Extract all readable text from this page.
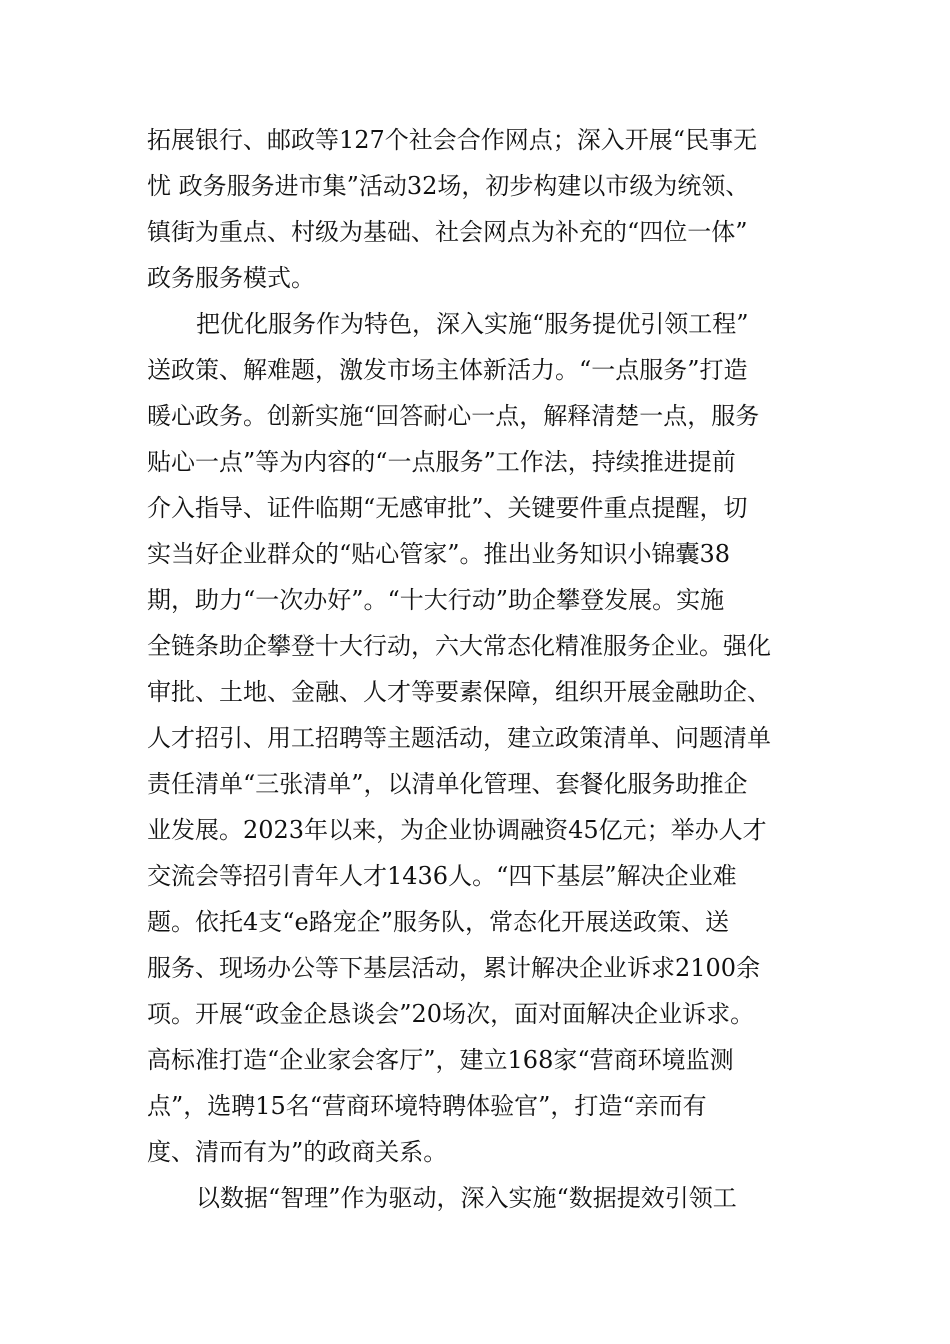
拓展银行、邮政等127个社会合作网点；深入开展“民事无
忧 政务服务进市集”活动32场，初步构建以市级为统领、
镇街为重点、村级为基础、社会网点为补充的“四位一体”
政务服务模式。
把优化服务作为特色，深入实施“服务提优引领工程”
送政策、解难题，激发市场主体新活力。“一点服务”打造
暖心政务。创新实施“回答耐心一点，解释清楚一点，服务
贴心一点”等为内容的“一点服务”工作法，持续推进提前
介入指导、证件临期“无感审批”、关键要件重点提醒，切
实当好企业群众的“贴心管家”。推出业务知识小锦囊38
期，助力“一次办好”。“十大行动”助企攀登发展。实施
全链条助企攀登十大行动，六大常态化精准服务企业。强化
审批、土地、金融、人才等要素保障，组织开展金融助企、
人才招引、用工招聘等主题活动，建立政策清单、问题清单
责任清单“三张清单”，以清单化管理、套餐化服务助推企
业发展。2023年以来，为企业协调融资45亿元；举办人才
交流会等招引青年人才1436人。“四下基层”解决企业难
题。依托4支“e路宠企”服务队，常态化开展送政策、送
服务、现场办公等下基层活动，累计解决企业诉求2100余
项。开展“政金企恳谈会”20场次，面对面解决企业诉求。
高标准打造“企业家会客厅”，建立168家“营商环境监测
点”，选聘15名“营商环境特聘体验官”，打造“亲而有
度、清而有为”的政商关系。
以数据“智理”作为驱动，深入实施“数据提效引领工
